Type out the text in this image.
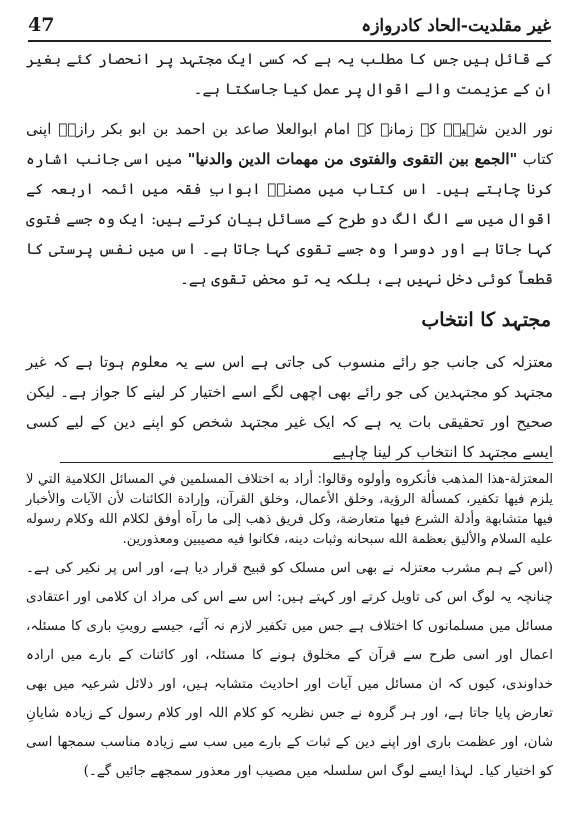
غیر مقلدیت-الحاد کادروازہ
47

کے قائل ہیں جس کا مطلب یہ ہے کہ کسی ایک مجتہد پر انحصار کئے بغیر ان کے عزیمت والے اقوال پر عمل کیا جاسکتا ہے۔

نور الدین شہیدؒ کے زمانہ کے امام ابوالعلا صاعد بن احمد بن ابو بکر رازیؒ اپنی کتاب "الجمع بین التقوی والفتوی من مهمات الدین والدنیا" میں اسی جانب اشارہ کرنا چاہتے ہیں۔ اس کتاب میں مصنفؒ ابوابِ فقہ میں ائمہ اربعہ کے اقوال میں سے الگ الگ دو طرح کے مسائل بیان کرتے ہیں: ایک وہ جسے فتوی کہا جاتا ہے اور دوسرا وہ جسے تقوی کہا جاتا ہے۔ اس میں نفس پرستی کا قطعاً کوئی دخل نہیں ہے، بلکہ یہ تو محض تقوی ہے۔

مجتہد کا انتخاب

معتزلہ کی جانب جو رائے منسوب کی جاتی ہے اس سے یہ معلوم ہوتا ہے کہ غیر مجتہد کو مجتہدین کی جو رائے بھی اچھی لگے اسے اختیار کر لینے کا جواز ہے۔ لیکن صحیح اور تحقیقی بات یہ ہے کہ ایک غیر مجتہد شخص کو اپنے دین کے لیے کسی ایسے مجتہد کا انتخاب کر لینا چاہیے

المعتزلة-هذا المذهب فأنكروه وأولوه وقالوا: أراد به اختلاف المسلمين في المسائل الكلامية التي لا يلزم فيها تكفير، كمسألة الرؤية، وخلق الأعمال، وخلق القرآن، وإرادة الكائنات لأن الآيات والأخبار فيها متشابهة وأدلة الشرع فيها متعارضة، وكل فريق ذهب إلى ما رآه أوفق لكلام الله وكلام رسوله عليه السلام والأليق بعظمة الله سبحانه وثبات دينه، فكانوا فيه مصيبين ومعذورين.

(اس کے ہم مشرب معتزلہ نے بھی اس مسلک کو قبیح قرار دیا ہے، اور اس پر نکیر کی ہے۔ چنانچہ یہ لوگ اس کی تاویل کرتے اور کہتے ہیں: اس سے اس کی مراد ان کلامی اور اعتقادی مسائل میں مسلمانوں کا اختلاف ہے جس میں تکفیر لازم نہ آئے، جیسے رویتِ باری کا مسئلہ، اعمال اور اسی طرح سے قرآن کے مخلوق ہونے کا مسئلہ، اور کائنات کے بارے میں ارادہ خداوندی، کیوں کہ ان مسائل میں آیات اور احادیث متشابہ ہیں، اور دلائل شرعیہ میں بھی تعارض پایا جاتا ہے، اور ہر گروہ نے جس نظریہ کو کلام اللہ اور کلام رسول کے زیادہ شایانِ شان، اور عظمت باری اور اپنے دین کے ثبات کے بارے میں سب سے زیادہ مناسب سمجھا اسی کو اختیار کیا۔ لہذا ایسے لوگ اس سلسلہ میں مصیب اور معذور سمجھے جائیں گے۔)
